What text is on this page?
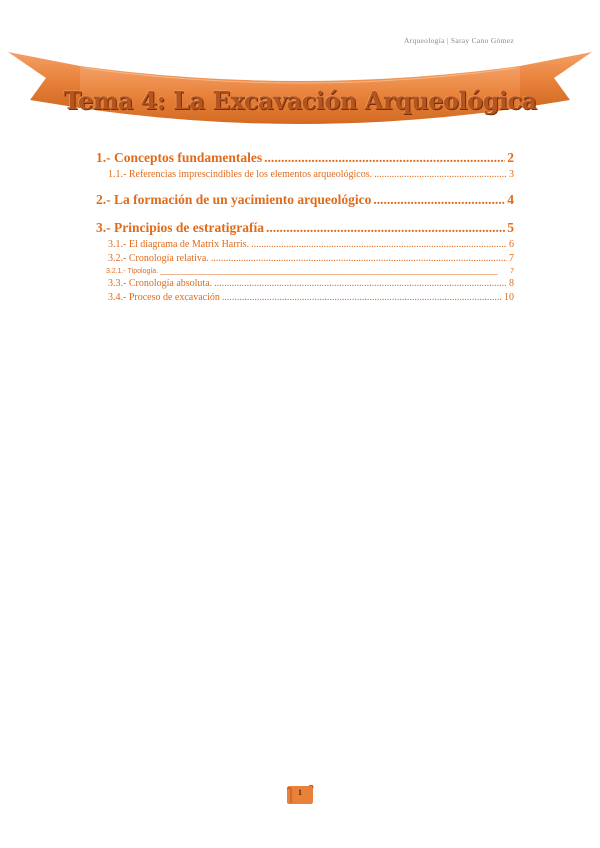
Arqueología | Saray Cano Gómez
Tema 4: La Excavación Arqueológica
1.- Conceptos fundamentales .....	2
1.1.- Referencias imprescindibles de los elementos arqueológicos. .....	3
2.- La formación de un yacimiento arqueológico .....	4
3.- Principios de estratigrafía .....	5
3.1.- El diagrama de Matrix Harris. .....	6
3.2.- Cronología relativa. .....	7
3.2.1.- Tipología. _ _ _	7
3.3.- Cronología absoluta. .....	8
3.4.- Proceso de excavación .....	10
1
